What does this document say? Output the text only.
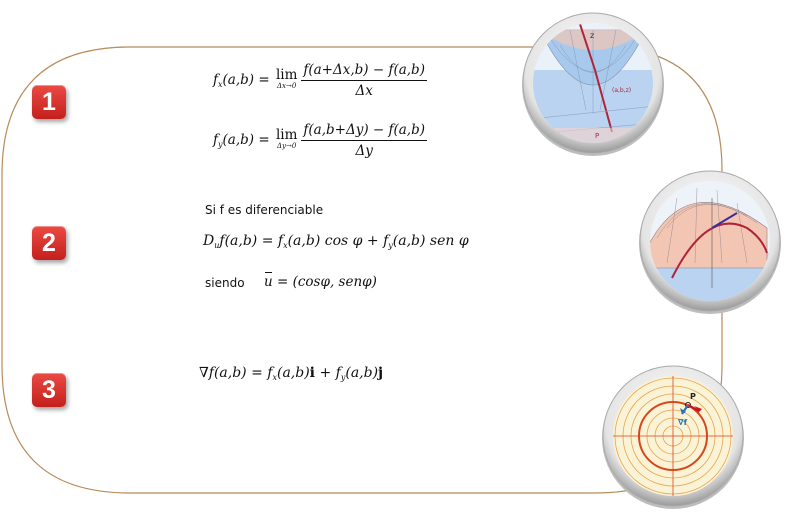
1
2
3
$f_x(a,b) = \lim$
$\Delta x\to 0 \frac{f(a+\Delta x,b) - f(a,b)}{\Delta x}$
$f_y(a,b) = \lim$
$\Delta y\to 0 \frac{f(a,b+\Delta y) - f(a,b)}{\Delta y}$
Si f es diferenciable
$D_uf(a,b) = f_x(a,b)$ $\cos \varphi + f_y(a,b)$ sen φ
siendo u = (cosφ, senφ)
$\nabla f(a,b) = f_x(a,b)i + f_y(a,b)j$
z
(a,b,z)
P
P
∇f
